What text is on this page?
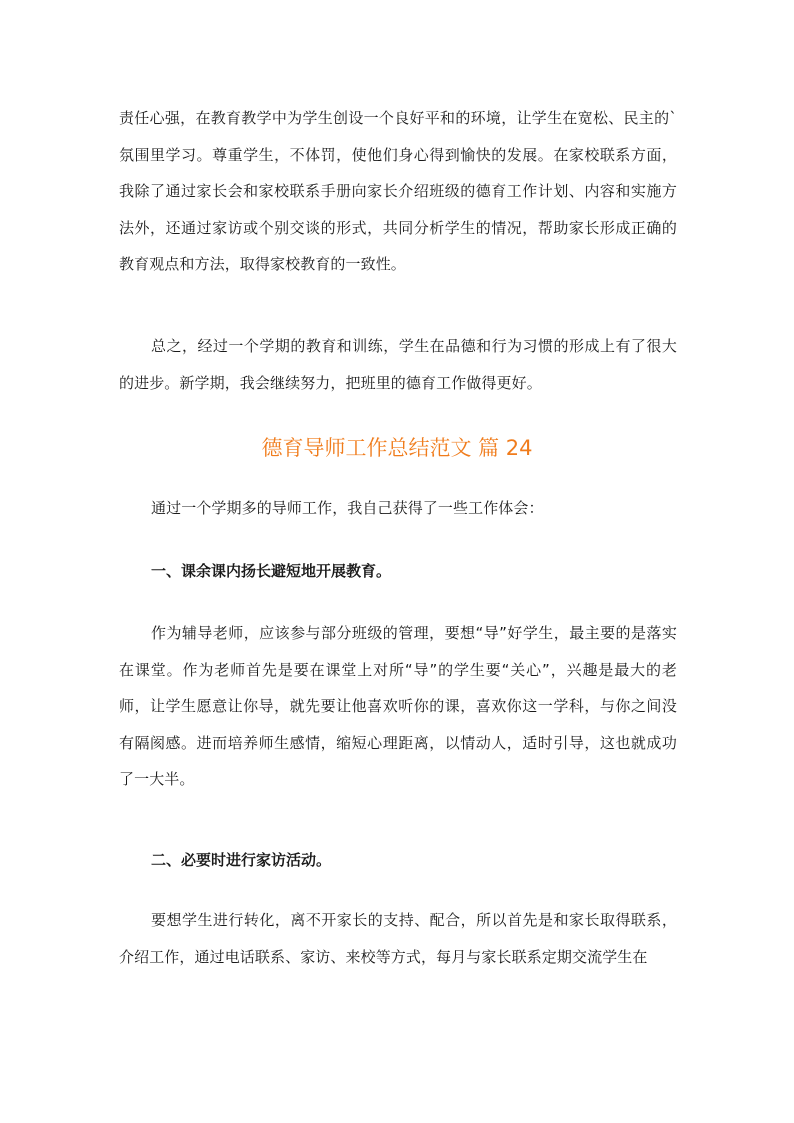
责任心强，在教育教学中为学生创设一个良好平和的环境，让学生在宽松、民主的`氛围里学习。尊重学生，不体罚，使他们身心得到愉快的发展。在家校联系方面，我除了通过家长会和家校联系手册向家长介绍班级的德育工作计划、内容和实施方法外，还通过家访或个别交谈的形式，共同分析学生的情况，帮助家长形成正确的教育观点和方法，取得家校教育的一致性。

总之，经过一个学期的教育和训练，学生在品德和行为习惯的形成上有了很大的进步。新学期，我会继续努力，把班里的德育工作做得更好。

德育导师工作总结范文 篇 24

通过一个学期多的导师工作，我自己获得了一些工作体会：

一、课余课内扬长避短地开展教育。

作为辅导老师，应该参与部分班级的管理，要想“导”好学生，最主要的是落实在课堂。作为老师首先是要在课堂上对所“导”的学生要“关心”，兴趣是最大的老师，让学生愿意让你导，就先要让他喜欢听你的课，喜欢你这一学科，与你之间没有隔阂感。进而培养师生感情，缩短心理距离，以情动人，适时引导，这也就成功了一大半。

二、必要时进行家访活动。

要想学生进行转化，离不开家长的支持、配合，所以首先是和家长取得联系，介绍工作，通过电话联系、家访、来校等方式，每月与家长联系定期交流学生在
